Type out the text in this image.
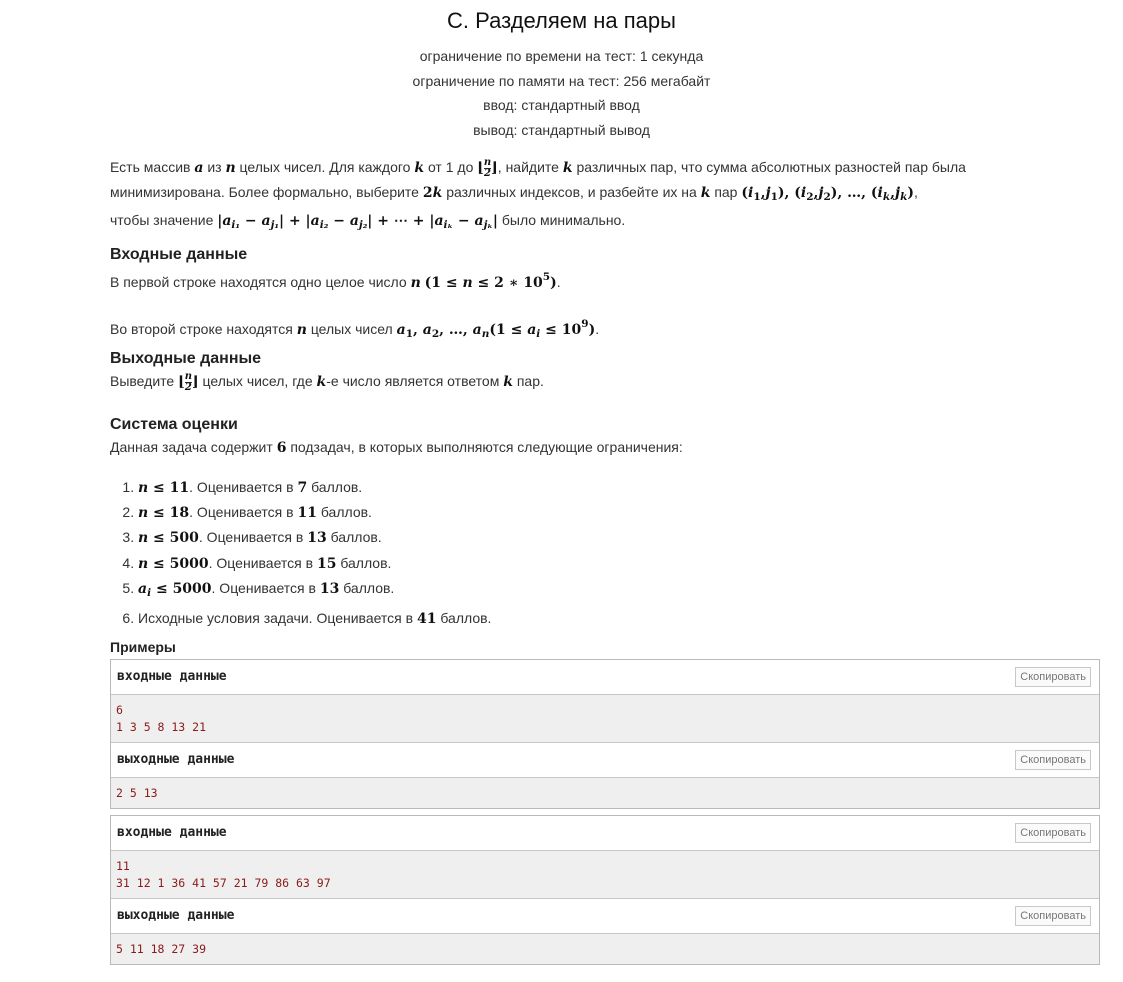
C. Разделяем на пары
ограничение по времени на тест: 1 секунда
ограничение по памяти на тест: 256 мегабайт
ввод: стандартный ввод
вывод: стандартный вывод
Есть массив a из n целых чисел. Для каждого k от 1 до ⌊ $\frac{n}{2}$ ⌋, найдите k различных пар, что сумма абсолютных разностей пар была
минимизирована. Более формально, выберите 2k различных индексов, и разбейте их на k пар $(i_1,j_1)$, $(i_2,j_2)$, …, $(i_k,j_k)$,
чтобы значение $|a_{i_1} - a_{j_1}| + |a_{i_2} - a_{j_2}|$ + ⋯ + $|a_{i_k} - a_{j_k}|$ было минимально.
Входные данные
В первой строке находятся одно целое число n (1 ≤ n ≤ 2 ∗ $10^5$).
Во второй строке находятся n целых чисел $a_1$, $a_2$, …, $a_n(1 \le a_i \le 10^9)$.
Выходные данные
Выведите ⌊ $\frac{n}{2}$ ⌋ целых чисел, где k-е число является ответом k пар.
Система оценки
Данная задача содержит 6 подзадач, в которых выполняются следующие ограничения:
1. n ≤ 11. Оценивается в 7 баллов.
2. n ≤ 18. Оценивается в 11 баллов.
3. n ≤ 500. Оценивается в 13 баллов.
4. n ≤ 5000. Оценивается в 15 баллов.
5. $a_i \le 5000$. Оценивается в 13 баллов.
6. Исходные условия задачи. Оценивается в 41 баллов.
Примеры
входные данные	Скопировать
6
1 3 5 8 13 21
выходные данные	Скопировать
2 5 13
входные данные	Скопировать
11
31 12 1 36 41 57 21 79 86 63 97
выходные данные	Скопировать
5 11 18 27 39
